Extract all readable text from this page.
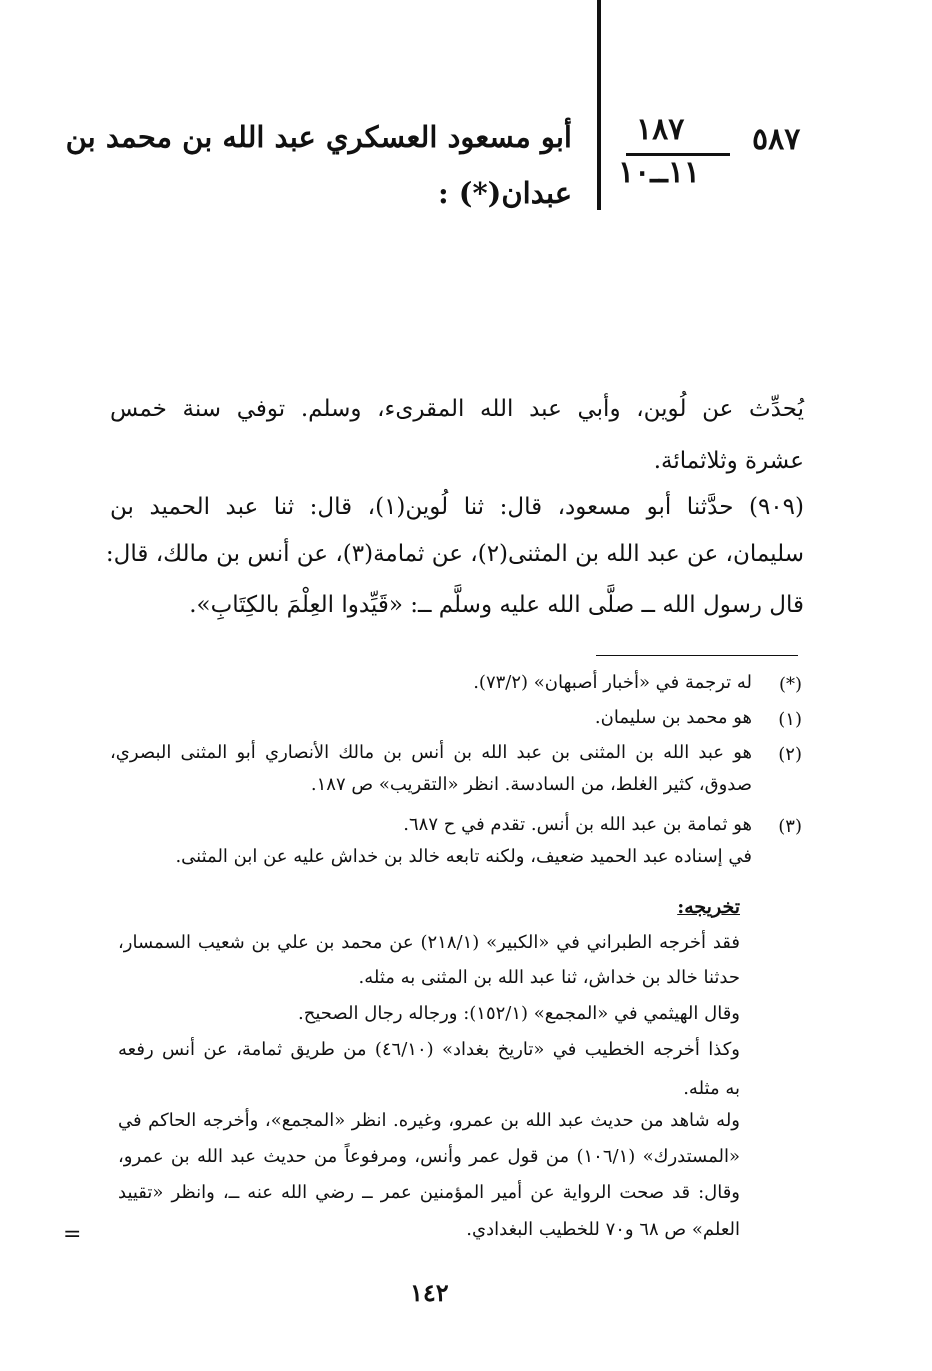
٥٨٧
١٨٧
١١ــ١٠
أبو مسعود العسكري عبد الله بن محمد بن
عبدان(*) :
يُحدِّث عن لُوين، وأبي عبد الله المقرىء، وسلم. توفي سنة خمس
عشرة وثلاثمائة.
(٩٠٩) حدَّثنا أبو مسعود، قال: ثنا لُوين(١)، قال: ثنا عبد الحميد بن
سليمان، عن عبد الله بن المثنى(٢)، عن ثمامة(٣)، عن أنس بن مالك، قال:
قال رسول الله ــ صلَّى الله عليه وسلَّم ــ: «قَيِّدوا العِلْمَ بالكِتَابِ».
(*)
له ترجمة في «أخبار أصبهان» (٧٣/٢).
(١)
هو محمد بن سليمان.
(٢)
هو عبد الله بن المثنى بن عبد الله بن أنس بن مالك الأنصاري أبو المثنى البصري،
صدوق، كثير الغلط، من السادسة. انظر «التقريب» ص ١٨٧.
(٣)
هو ثمامة بن عبد الله بن أنس. تقدم في ح ٦٨٧.
في إسناده عبد الحميد ضعيف، ولكنه تابعه خالد بن خداش عليه عن ابن المثنى.
تخريجه:
فقد أخرجه الطبراني في «الكبير» (٢١٨/١) عن محمد بن علي بن شعيب السمسار،
حدثنا خالد بن خداش، ثنا عبد الله بن المثنى به مثله.
وقال الهيثمي في «المجمع» (١٥٢/١): ورجاله رجال الصحيح.
وكذا أخرجه الخطيب في «تاريخ بغداد» (٤٦/١٠) من طريق ثمامة، عن أنس رفعه
به مثله.
وله شاهد من حديث عبد الله بن عمرو، وغيره. انظر «المجمع»، وأخرجه الحاكم في
«المستدرك» (١٠٦/١) من قول عمر وأنس، ومرفوعاً من حديث عبد الله بن عمرو،
وقال: قد صحت الرواية عن أمير المؤمنين عمر ــ رضي الله عنه ــ، وانظر «تقييد
العلم» ص ٦٨ و٧٠ للخطيب البغدادي.
=
١٤٢
